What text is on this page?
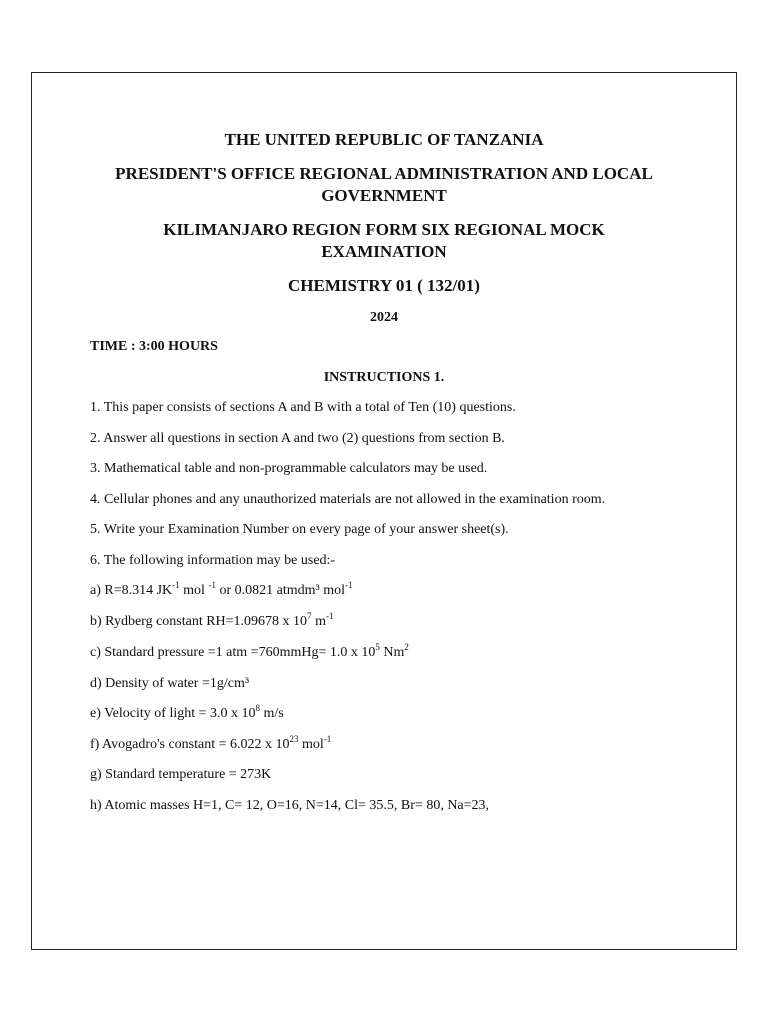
THE UNITED REPUBLIC OF TANZANIA
PRESIDENT'S OFFICE REGIONAL ADMINISTRATION AND LOCAL
GOVERNMENT
KILIMANJARO REGION FORM SIX REGIONAL MOCK
EXAMINATION
CHEMISTRY 01 ( 132/01)
2024
TIME : 3:00 HOURS
INSTRUCTIONS 1.
1. This paper consists of sections A and B with a total of Ten (10) questions.
2. Answer all questions in section A and two (2) questions from section B.
3. Mathematical table and non-programmable calculators may be used.
4. Cellular phones and any unauthorized materials are not allowed in the examination room.
5. Write your Examination Number on every page of your answer sheet(s).
6. The following information may be used:-
a) R=8.314 $JK^{-1}$ mol $^{-1}$ or 0.0821 atmdm³ mol$^{-1}$
b) Rydberg constant RH=1.09678 x $10^7$ $m^{-1}$
c) Standard pressure =1 atm =760mmHg= 1.0 x $10^5$ Nm$^2$
d) Density of water =1g/cm³
e) Velocity of light = 3.0 x $10^8$ m/s
f) Avogadro's constant = 6.022 x $10^{23}$ mol$^{-1}$
g) Standard temperature = 273K
h) Atomic masses H=1, C= 12, O=16, N=14, Cl= 35.5, Br= 80, Na=23,
